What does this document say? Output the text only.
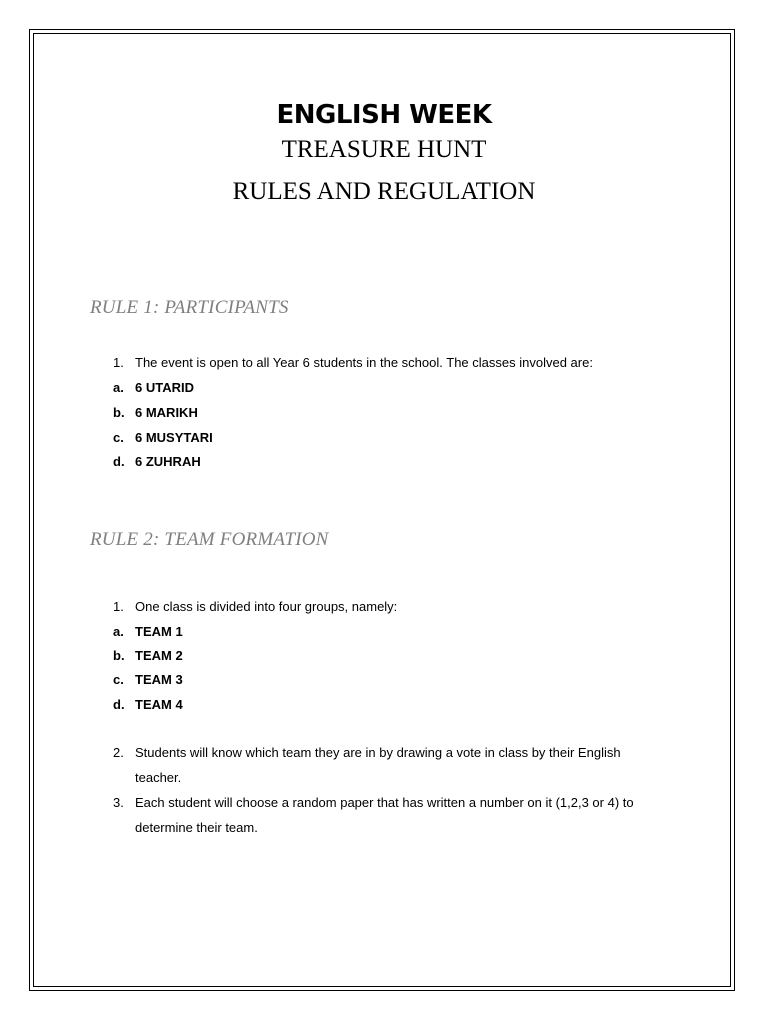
ENGLISH WEEK
TREASURE HUNT
RULES AND REGULATION
RULE 1: PARTICIPANTS
1. The event is open to all Year 6 students in the school. The classes involved are:
a. 6 UTARID
b. 6 MARIKH
c. 6 MUSYTARI
d. 6 ZUHRAH
RULE 2: TEAM FORMATION
1. One class is divided into four groups, namely:
a. TEAM 1
b. TEAM 2
c. TEAM 3
d. TEAM 4
2. Students will know which team they are in by drawing a vote in class by their English
teacher.
3. Each student will choose a random paper that has written a number on it (1,2,3 or 4) to
determine their team.
